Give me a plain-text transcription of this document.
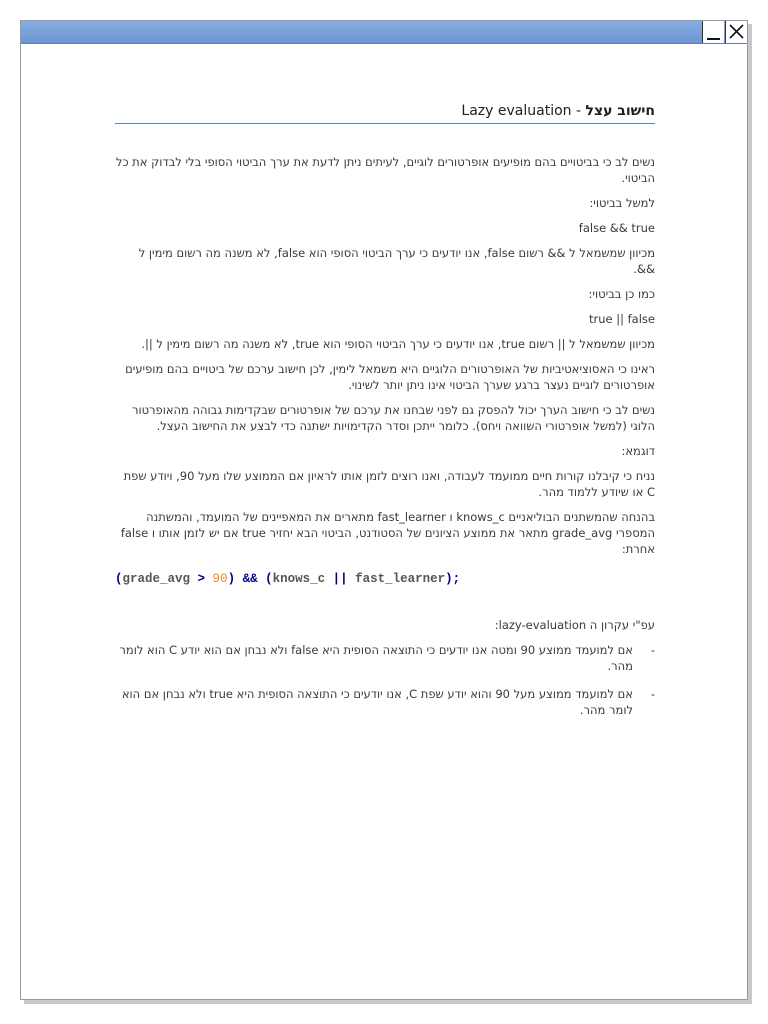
חישוב עצל - Lazy evaluation

נשים לב כי בביטויים בהם מופיעים אופרטורים לוגיים, לעיתים ניתן לדעת את ערך הביטוי הסופי בלי לבדוק את כל הביטוי.

למשל בביטוי:

false && true

מכיוון שמשמאל ל && רשום false, אנו יודעים כי ערך הביטוי הסופי הוא false, לא משנה מה רשום מימין ל &&.

כמו כן בביטוי:

true || false

מכיוון שמשמאל ל || רשום true, אנו יודעים כי ערך הביטוי הסופי הוא true, לא משנה מה רשום מימין ל ||.

ראינו כי האסוציאטיביות של האופרטורים הלוגיים היא משמאל לימין, לכן חישוב ערכם של ביטויים בהם מופיעים אופרטורים לוגיים נעצר ברגע שערך הביטוי אינו ניתן יותר לשינוי.

נשים לב כי חישוב הערך יכול להפסק גם לפני שבחנו את ערכם של אופרטורים שבקדימות גבוהה מהאופרטור הלוגי (למשל אופרטורי השוואה ויחס). כלומר ייתכן וסדר הקדימויות ישתנה כדי לבצע את החישוב העצל.

דוגמא:

נניח כי קיבלנו קורות חיים ממועמד לעבודה, ואנו רוצים לזמן אותו לראיון אם הממוצע שלו מעל 90, ויודע שפת C או שיודע ללמוד מהר.

בהנחה שהמשתנים הבוליאניים knows_c ו fast_learner מתארים את המאפיינים של המועמד, והמשתנה המספרי grade_avg מתאר את ממוצע הציונים של הסטודנט, הביטוי הבא יחזיר true אם יש לזמן אותו ו false אחרת:

(grade_avg > 90) && (knows_c || fast_learner);

עפ"י עקרון ה lazy-evaluation:

-
אם למועמד ממוצע 90 ומטה אנו יודעים כי התוצאה הסופית היא false ולא נבחן אם הוא יודע C הוא לומר מהר.
-
אם למועמד ממוצע מעל 90 והוא יודע שפת C, אנו יודעים כי התוצאה הסופית היא true ולא נבחן אם הוא לומר מהר.
